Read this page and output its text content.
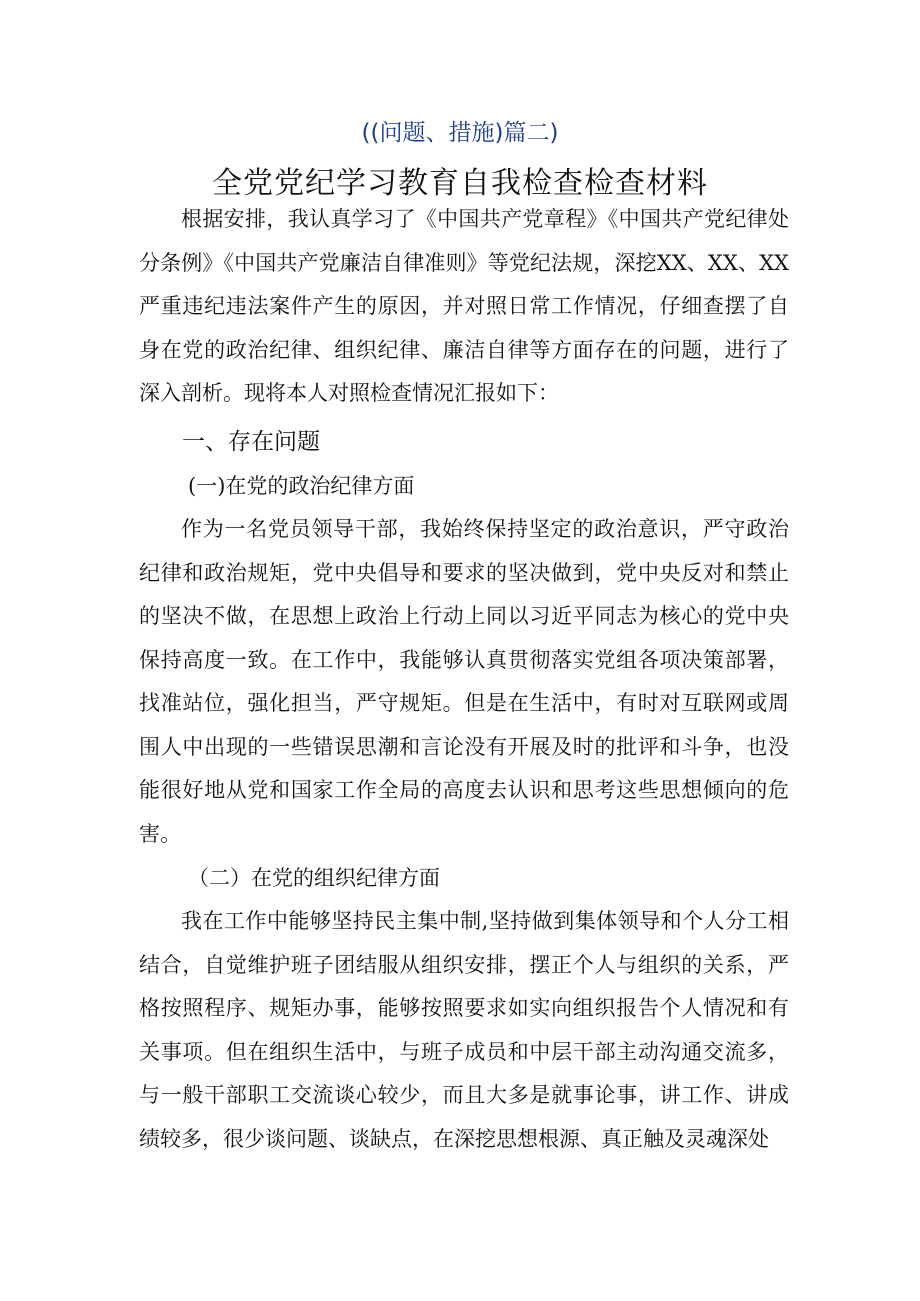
((问题、措施)篇二)
全党党纪学习教育自我检查检查材料

根据安排，我认真学习了《中国共产党章程》《中国共产党纪律处分条例》《中国共产党廉洁自律准则》等党纪法规，深挖XX、XX、XX严重违纪违法案件产生的原因，并对照日常工作情况，仔细查摆了自身在党的政治纪律、组织纪律、廉洁自律等方面存在的问题，进行了深入剖析。现将本人对照检查情况汇报如下：

一、存在问题

(一)在党的政治纪律方面

作为一名党员领导干部，我始终保持坚定的政治意识，严守政治纪律和政治规矩，党中央倡导和要求的坚决做到，党中央反对和禁止的坚决不做，在思想上政治上行动上同以习近平同志为核心的党中央保持高度一致。在工作中，我能够认真贯彻落实党组各项决策部署，找准站位，强化担当，严守规矩。但是在生活中，有时对互联网或周围人中出现的一些错误思潮和言论没有开展及时的批评和斗争，也没能很好地从党和国家工作全局的高度去认识和思考这些思想倾向的危害。

（二）在党的组织纪律方面

我在工作中能够坚持民主集中制,坚持做到集体领导和个人分工相结合，自觉维护班子团结服从组织安排，摆正个人与组织的关系，严格按照程序、规矩办事，能够按照要求如实向组织报告个人情况和有关事项。但在组织生活中，与班子成员和中层干部主动沟通交流多，与一般干部职工交流谈心较少，而且大多是就事论事，讲工作、讲成绩较多，很少谈问题、谈缺点，在深挖思想根源、真正触及灵魂深处
